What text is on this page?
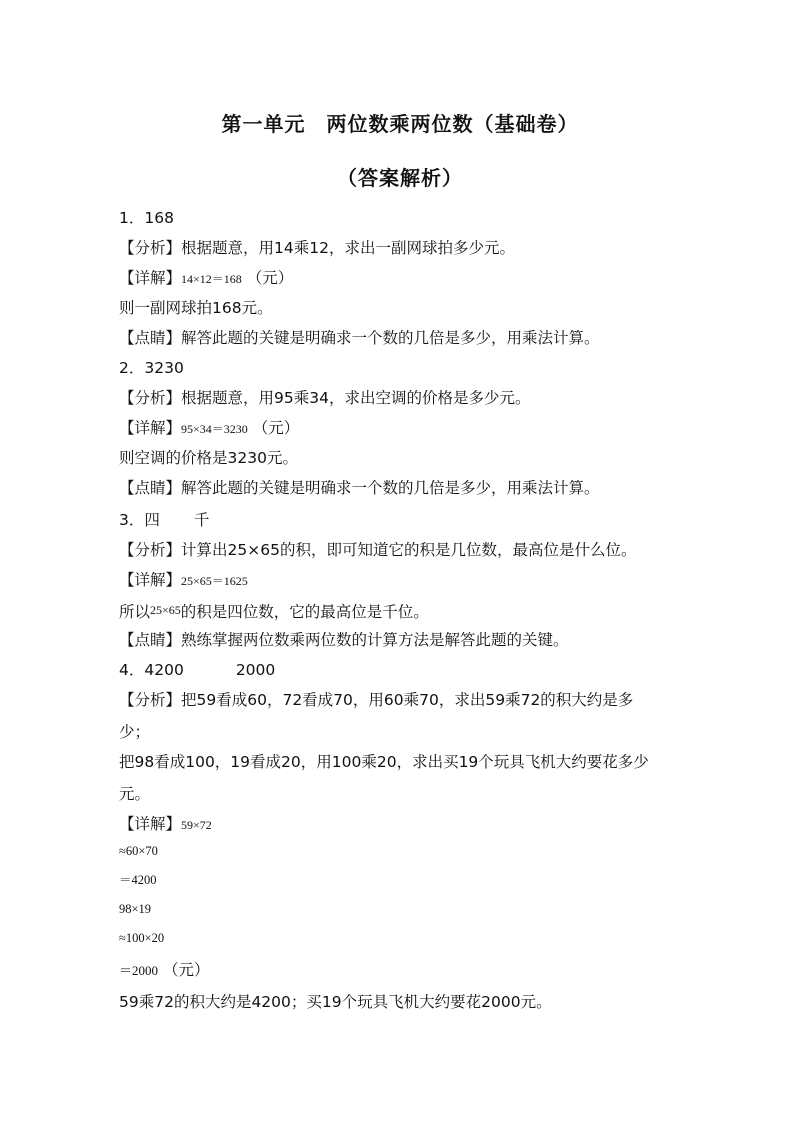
第一单元　两位数乘两位数（基础卷）
（答案解析）
1．168
【分析】根据题意，用14乘12，求出一副网球拍多少元。
【详解】14×12＝168 （元）
则一副网球拍168元。
【点睛】解答此题的关键是明确求一个数的几倍是多少，用乘法计算。
2．3230
【分析】根据题意，用95乘34，求出空调的价格是多少元。
【详解】95×34＝3230 （元）
则空调的价格是3230元。
【点睛】解答此题的关键是明确求一个数的几倍是多少，用乘法计算。
3．四 千
【分析】计算出25×65的积，即可知道它的积是几位数，最高位是什么位。
【详解】25×65＝1625
所以25×65的积是四位数，它的最高位是千位。
【点睛】熟练掌握两位数乘两位数的计算方法是解答此题的关键。
4．4200	2000
【分析】把59看成60，72看成70，用60乘70，求出59乘72的积大约是多
少；
把98看成100，19看成20，用100乘20，求出买19个玩具飞机大约要花多少
元。
【详解】59×72
≈60×70
＝4200
98×19
≈100×20
＝2000 （元）
59乘72的积大约是4200；买19个玩具飞机大约要花2000元。
